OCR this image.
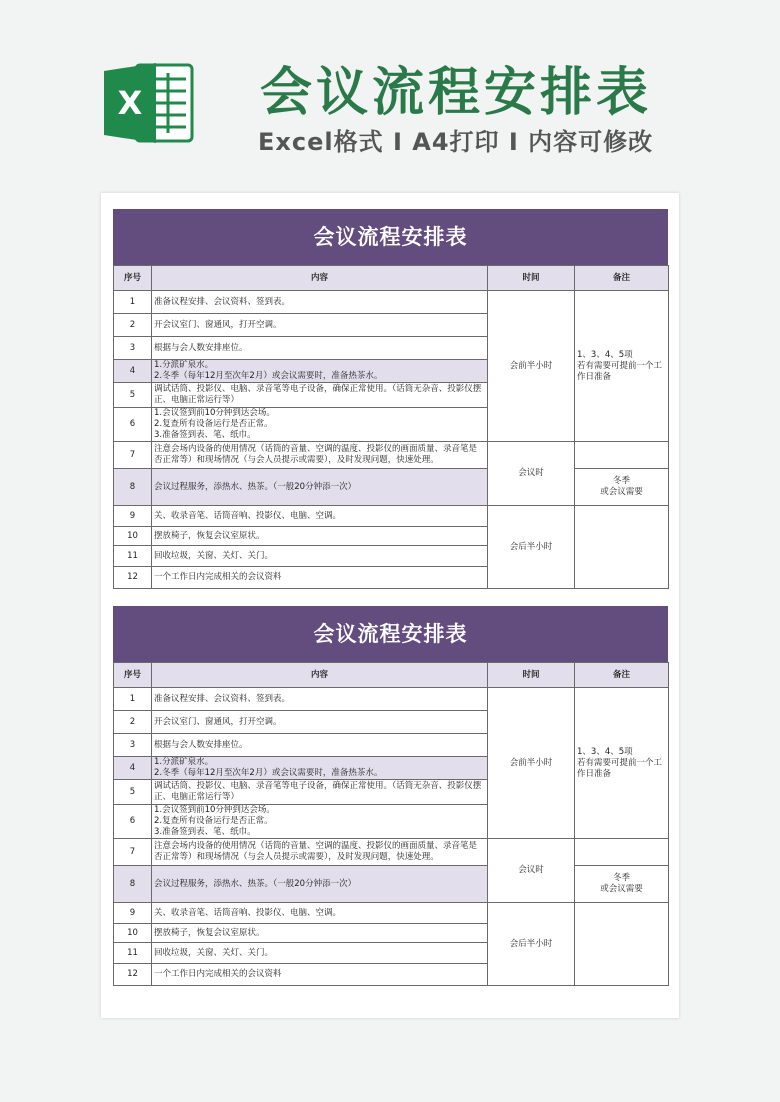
X 会议流程安排表
Excel格式 I A4打印 I 内容可修改
会议流程安排表
序号	内容	时间	备注
1	准备议程安排、会议资料、签到表。	会前半小时	1、3、4、5项
若有需要可提前一个工作日准备
2	开会议室门、窗通风，打开空调。		
3	根据与会人数安排座位。		
4	1.分派矿泉水。
2.冬季（每年12月至次年2月）或会议需要时，准备热茶水。		
5	调试话筒、投影仪、电脑、录音笔等电子设备，确保正常使用。（话筒无杂音、投影仪摆正、电脑正常运行等）		
6	1.会议签到前10分钟到达会场。
2.复查所有设备运行是否正常。
3.准备签到表、笔、纸巾。		
7	注意会场内设备的使用情况（话筒的音量、空调的温度、投影仪的画面质量、录音笔是否正常等）和现场情况（与会人员提示或需要），及时发现问题，快速处理。	会议时	
8	会议过程服务，添热水、热茶。（一般20分钟添一次）		冬季
或会议需要
9	关、收录音笔、话筒音响、投影仪、电脑、空调。	会后半小时	
10	摆放椅子，恢复会议室原状。		
11	回收垃圾，关窗、关灯、关门。		
12	一个工作日内完成相关的会议资料		
会议流程安排表
序号	内容	时间	备注
1	准备议程安排、会议资料、签到表。	会前半小时	1、3、4、5项
若有需要可提前一个工作日准备
2	开会议室门、窗通风，打开空调。		
3	根据与会人数安排座位。		
4	1.分派矿泉水。
2.冬季（每年12月至次年2月）或会议需要时，准备热茶水。		
5	调试话筒、投影仪、电脑、录音笔等电子设备，确保正常使用。（话筒无杂音、投影仪摆正、电脑正常运行等）		
6	1.会议签到前10分钟到达会场。
2.复查所有设备运行是否正常。
3.准备签到表、笔、纸巾。		
7	注意会场内设备的使用情况（话筒的音量、空调的温度、投影仪的画面质量、录音笔是否正常等）和现场情况（与会人员提示或需要），及时发现问题，快速处理。	会议时	
8	会议过程服务，添热水、热茶。（一般20分钟添一次）		冬季
或会议需要
9	关、收录音笔、话筒音响、投影仪、电脑、空调。	会后半小时	
10	摆放椅子，恢复会议室原状。		
11	回收垃圾，关窗、关灯、关门。		
12	一个工作日内完成相关的会议资料		
